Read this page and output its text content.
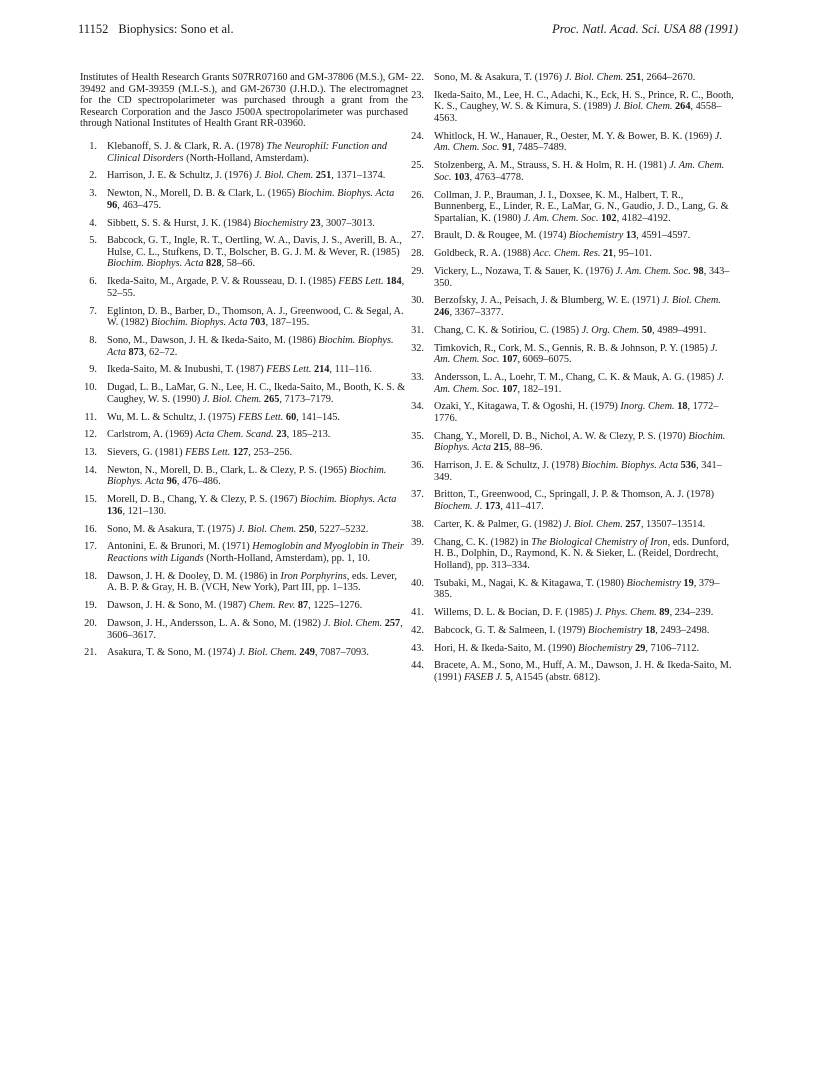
11152 Biophysics: Sono et al.	Proc. Natl. Acad. Sci. USA 88 (1991)

Institutes of Health Research Grants S07RR07160 and GM-37806 (M.S.), GM-39492 and GM-39359 (M.I.-S.), and GM-26730 (J.H.D.). The electromagnet for the CD spectropolarimeter was purchased through a grant from the Research Corporation and the Jasco J500A spectropolarimeter was purchased through National Institutes of Health Grant RR-03960.

1. Klebanoff, S. J. & Clark, R. A. (1978) The Neurophil: Function and Clinical Disorders (North-Holland, Amsterdam).
2. Harrison, J. E. & Schultz, J. (1976) J. Biol. Chem. 251, 1371–1374.
3. Newton, N., Morell, D. B. & Clark, L. (1965) Biochim. Biophys. Acta 96, 463–475.
4. Sibbett, S. S. & Hurst, J. K. (1984) Biochemistry 23, 3007–3013.
5. Babcock, G. T., Ingle, R. T., Oertling, W. A., Davis, J. S., Averill, B. A., Hulse, C. L., Stufkens, D. T., Bolscher, B. G. J. M. & Wever, R. (1985) Biochim. Biophys. Acta 828, 58–66.
6. Ikeda-Saito, M., Argade, P. V. & Rousseau, D. I. (1985) FEBS Lett. 184, 52–55.
7. Eglinton, D. B., Barber, D., Thomson, A. J., Greenwood, C. & Segal, A. W. (1982) Biochim. Biophys. Acta 703, 187–195.
8. Sono, M., Dawson, J. H. & Ikeda-Saito, M. (1986) Biochim. Biophys. Acta 873, 62–72.
9. Ikeda-Saito, M. & Inubushi, T. (1987) FEBS Lett. 214, 111–116.
10. Dugad, L. B., LaMar, G. N., Lee, H. C., Ikeda-Saito, M., Booth, K. S. & Caughey, W. S. (1990) J. Biol. Chem. 265, 7173–7179.
11. Wu, M. L. & Schultz, J. (1975) FEBS Lett. 60, 141–145.
12. Carlstrom, A. (1969) Acta Chem. Scand. 23, 185–213.
13. Sievers, G. (1981) FEBS Lett. 127, 253–256.
14. Newton, N., Morell, D. B., Clark, L. & Clezy, P. S. (1965) Biochim. Biophys. Acta 96, 476–486.
15. Morell, D. B., Chang, Y. & Clezy, P. S. (1967) Biochim. Biophys. Acta 136, 121–130.
16. Sono, M. & Asakura, T. (1975) J. Biol. Chem. 250, 5227–5232.
17. Antonini, E. & Brunori, M. (1971) Hemoglobin and Myoglobin in Their Reactions with Ligands (North-Holland, Amsterdam), pp. 1, 10.
18. Dawson, J. H. & Dooley, D. M. (1986) in Iron Porphyrins, eds. Lever, A. B. P. & Gray, H. B. (VCH, New York), Part III, pp. 1–135.
19. Dawson, J. H. & Sono, M. (1987) Chem. Rev. 87, 1225–1276.
20. Dawson, J. H., Andersson, L. A. & Sono, M. (1982) J. Biol. Chem. 257, 3606–3617.
21. Asakura, T. & Sono, M. (1974) J. Biol. Chem. 249, 7087–7093.
22. Sono, M. & Asakura, T. (1976) J. Biol. Chem. 251, 2664–2670.
23. Ikeda-Saito, M., Lee, H. C., Adachi, K., Eck, H. S., Prince, R. C., Booth, K. S., Caughey, W. S. & Kimura, S. (1989) J. Biol. Chem. 264, 4558–4563.
24. Whitlock, H. W., Hanauer, R., Oester, M. Y. & Bower, B. K. (1969) J. Am. Chem. Soc. 91, 7485–7489.
25. Stolzenberg, A. M., Strauss, S. H. & Holm, R. H. (1981) J. Am. Chem. Soc. 103, 4763–4778.
26. Collman, J. P., Brauman, J. I., Doxsee, K. M., Halbert, T. R., Bunnenberg, E., Linder, R. E., LaMar, G. N., Gaudio, J. D., Lang, G. & Spartalian, K. (1980) J. Am. Chem. Soc. 102, 4182–4192.
27. Brault, D. & Rougee, M. (1974) Biochemistry 13, 4591–4597.
28. Goldbeck, R. A. (1988) Acc. Chem. Res. 21, 95–101.
29. Vickery, L., Nozawa, T. & Sauer, K. (1976) J. Am. Chem. Soc. 98, 343–350.
30. Berzofsky, J. A., Peisach, J. & Blumberg, W. E. (1971) J. Biol. Chem. 246, 3367–3377.
31. Chang, C. K. & Sotiriou, C. (1985) J. Org. Chem. 50, 4989–4991.
32. Timkovich, R., Cork, M. S., Gennis, R. B. & Johnson, P. Y. (1985) J. Am. Chem. Soc. 107, 6069–6075.
33. Andersson, L. A., Loehr, T. M., Chang, C. K. & Mauk, A. G. (1985) J. Am. Chem. Soc. 107, 182–191.
34. Ozaki, Y., Kitagawa, T. & Ogoshi, H. (1979) Inorg. Chem. 18, 1772–1776.
35. Chang, Y., Morell, D. B., Nichol, A. W. & Clezy, P. S. (1970) Biochim. Biophys. Acta 215, 88–96.
36. Harrison, J. E. & Schultz, J. (1978) Biochim. Biophys. Acta 536, 341–349.
37. Britton, T., Greenwood, C., Springall, J. P. & Thomson, A. J. (1978) Biochem. J. 173, 411–417.
38. Carter, K. & Palmer, G. (1982) J. Biol. Chem. 257, 13507–13514.
39. Chang, C. K. (1982) in The Biological Chemistry of Iron, eds. Dunford, H. B., Dolphin, D., Raymond, K. N. & Sieker, L. (Reidel, Dordrecht, Holland), pp. 313–334.
40. Tsubaki, M., Nagai, K. & Kitagawa, T. (1980) Biochemistry 19, 379–385.
41. Willems, D. L. & Bocian, D. F. (1985) J. Phys. Chem. 89, 234–239.
42. Babcock, G. T. & Salmeen, I. (1979) Biochemistry 18, 2493–2498.
43. Hori, H. & Ikeda-Saito, M. (1990) Biochemistry 29, 7106–7112.
44. Bracete, A. M., Sono, M., Huff, A. M., Dawson, J. H. & Ikeda-Saito, M. (1991) FASEB J. 5, A1545 (abstr. 6812).
